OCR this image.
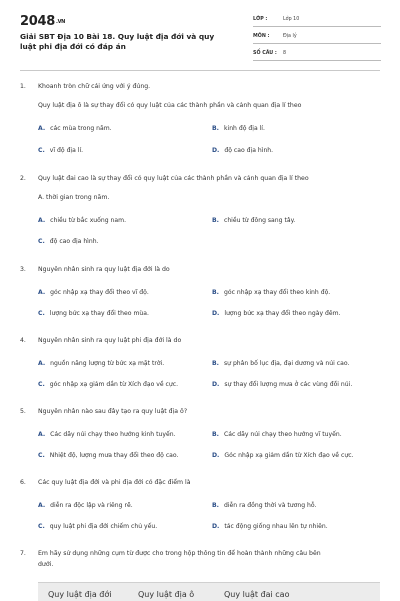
2048.VN
Giải SBT Địa 10 Bài 18. Quy luật địa đới và quy luật phi địa đới có đáp án
LỚP :	Lớp 10
MÔN :	Địa lý
SỐ CÂU : 8
1. Khoanh tròn chữ cái ứng với ý đúng.
Quy luật địa ô là sự thay đổi có quy luật của các thành phần và cảnh quan địa lí theo
A. các mùa trong năm.	B. kinh độ địa lí.
C. vĩ độ địa lí.	D. độ cao địa hình.
2. Quy luật đai cao là sự thay đổi có quy luật của các thành phần và cảnh quan địa lí theo
A. thời gian trong năm.
A. chiều từ bắc xuống nam.	B. chiều từ đông sang tây.
C. độ cao địa hình.
3. Nguyên nhân sinh ra quy luật địa đới là do
A. góc nhập xạ thay đổi theo vĩ độ.	B. góc nhập xạ thay đổi theo kinh độ.
C. lượng bức xạ thay đổi theo mùa.	D. lượng bức xạ thay đổi theo ngày đêm.
4. Nguyên nhân sinh ra quy luật phi địa đới là do
A. nguồn năng lượng từ bức xạ mặt trời.	B. sự phân bố lục địa, đại dương và núi cao.
C. góc nhập xạ giảm dần từ Xích đạo về cực.	D. sự thay đổi lượng mưa ở các vùng đồi núi.
5. Nguyên nhân nào sau đây tạo ra quy luật địa ô?
A. Các dãy núi chạy theo hướng kinh tuyến.	B. Các dãy núi chạy theo hướng vĩ tuyến.
C. Nhiệt độ, lượng mưa thay đổi theo độ cao.	D. Góc nhập xạ giảm dần từ Xích đạo về cực.
6. Các quy luật địa đới và phi địa đới có đặc điểm là
A. diễn ra độc lập và riêng rẽ.	B. diễn ra đồng thời và tương hỗ.
C. quy luật phi địa đới chiếm chủ yếu.	D. tác động giống nhau lên tự nhiên.
7. Em hãy sử dụng những cụm từ được cho trong hộp thông tin để hoàn thành những câu bên
dưới.
Quy luật địa đới	Quy luật địa ô	Quy luật đai cao
